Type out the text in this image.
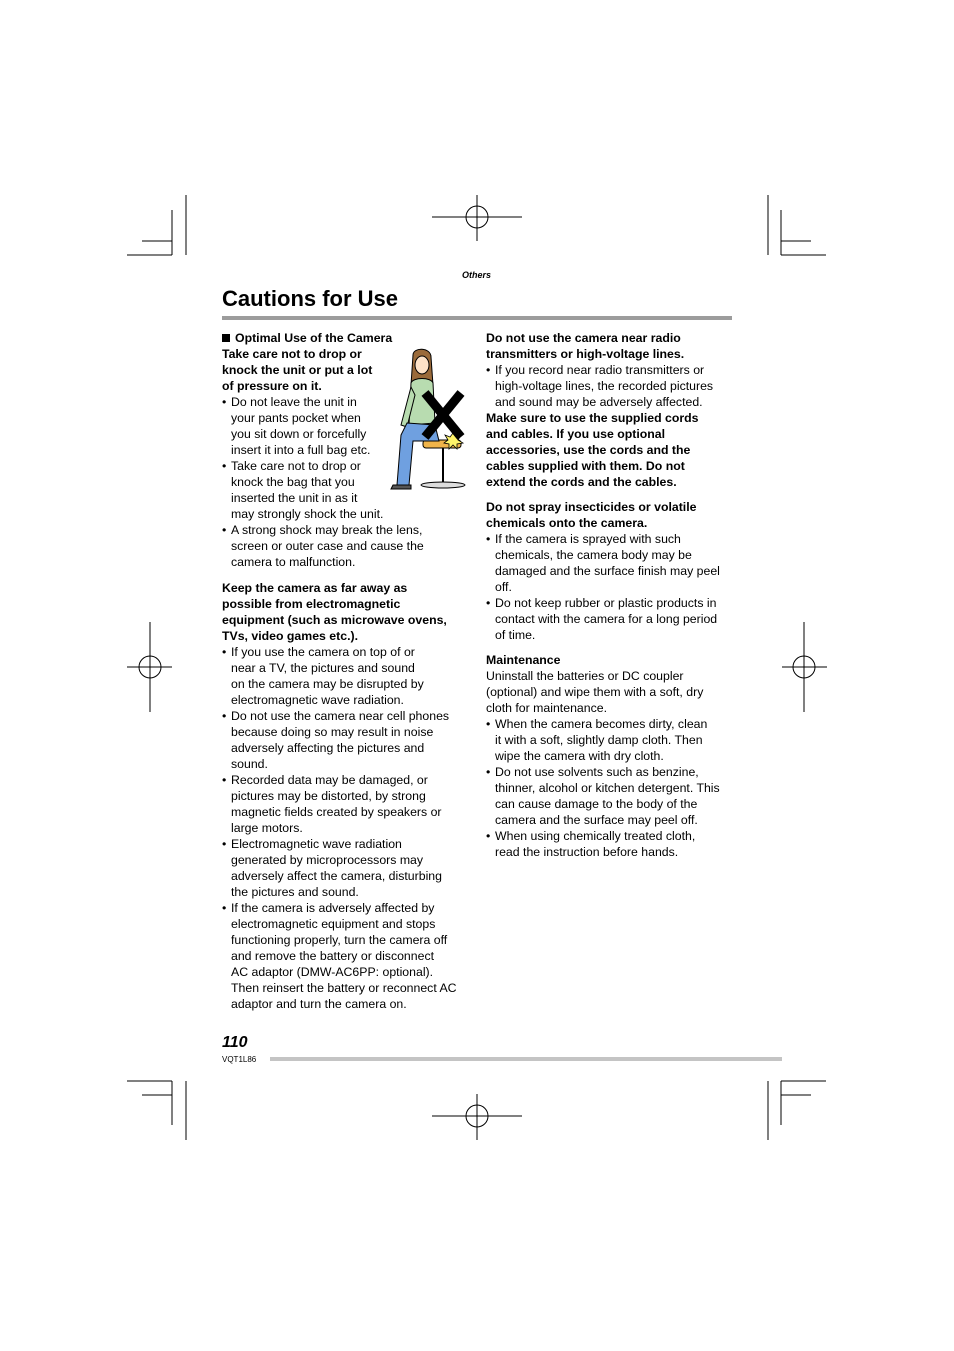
Others
Cautions for Use

Optimal Use of the Camera

Take care not to drop or
knock the unit or put a lot
of pressure on it.

• Do not leave the unit in
your pants pocket when
you sit down or forcefully
insert it into a full bag etc.
• Take care not to drop or
knock the bag that you
inserted the unit in as it
may strongly shock the unit.
• A strong shock may break the lens,
screen or outer case and cause the
camera to malfunction.

Keep the camera as far away as
possible from electromagnetic
equipment (such as microwave ovens,
TVs, video games etc.).

• If you use the camera on top of or
near a TV, the pictures and sound
on the camera may be disrupted by
electromagnetic wave radiation.
• Do not use the camera near cell phones
because doing so may result in noise
adversely affecting the pictures and
sound.
• Recorded data may be damaged, or
pictures may be distorted, by strong
magnetic fields created by speakers or
large motors.
• Electromagnetic wave radiation
generated by microprocessors may
adversely affect the camera, disturbing
the pictures and sound.
• If the camera is adversely affected by
electromagnetic equipment and stops
functioning properly, turn the camera off
and remove the battery or disconnect
AC adaptor (DMW-AC6PP: optional).
Then reinsert the battery or reconnect AC
adaptor and turn the camera on.

Do not use the camera near radio
transmitters or high-voltage lines.

• If you record near radio transmitters or
high-voltage lines, the recorded pictures
and sound may be adversely affected.

Make sure to use the supplied cords
and cables. If you use optional
accessories, use the cords and the
cables supplied with them. Do not
extend the cords and the cables.

Do not spray insecticides or volatile
chemicals onto the camera.

• If the camera is sprayed with such
chemicals, the camera body may be
damaged and the surface finish may peel
off.
• Do not keep rubber or plastic products in
contact with the camera for a long period
of time.

Maintenance

Uninstall the batteries or DC coupler
(optional) and wipe them with a soft, dry
cloth for maintenance.

• When the camera becomes dirty, clean
it with a soft, slightly damp cloth. Then
wipe the camera with dry cloth.
• Do not use solvents such as benzine,
thinner, alcohol or kitchen detergent. This
can cause damage to the body of the
camera and the surface may peel off.
• When using chemically treated cloth,
read the instruction before hands.
110
VQT1L86
